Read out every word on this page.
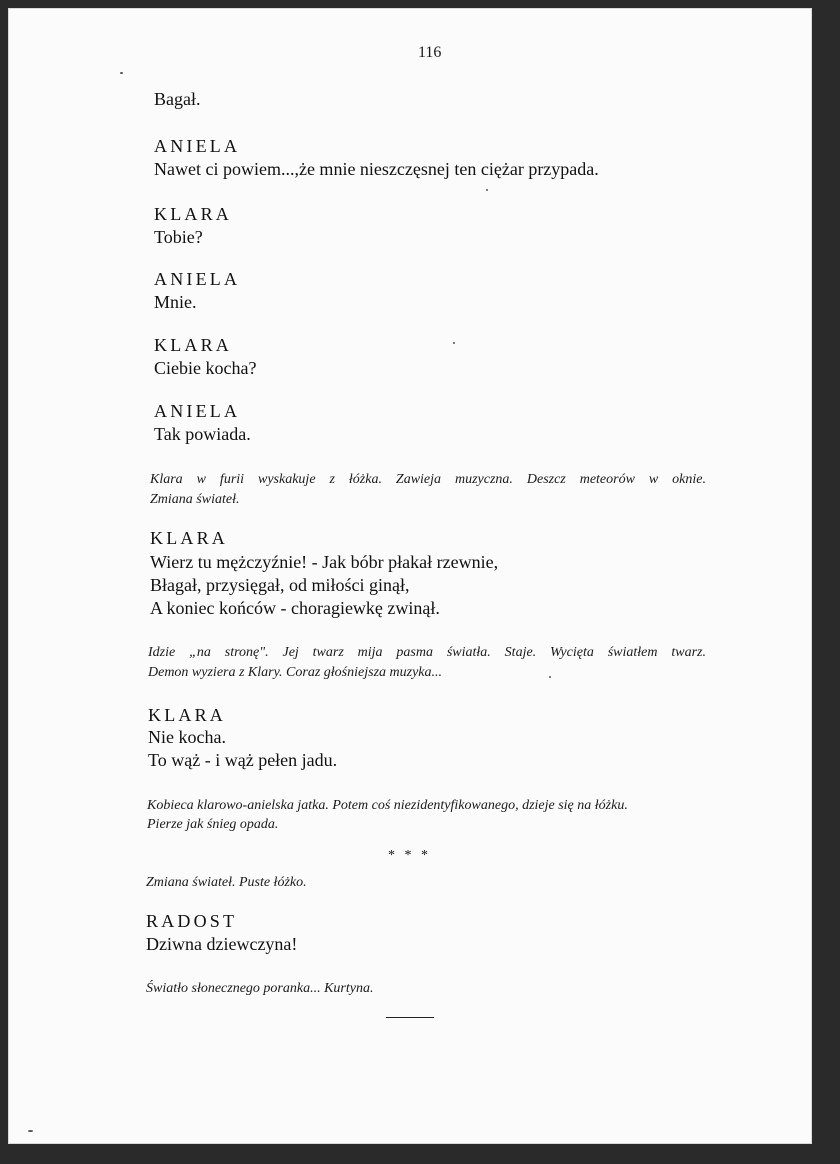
116
Bagał.
ANIELA
Nawet ci powiem...,że mnie nieszczęsnej ten ciężar przypada.
KLARA
Tobie?
ANIELA
Mnie.
KLARA
Ciebie kocha?
ANIELA
Tak powiada.
Klara w furii wyskakuje z łóżka. Zawieja muzyczna. Deszcz meteorów w oknie.
Zmiana świateł.
KLARA
Wierz tu mężczyźnie! - Jak bóbr płakał rzewnie,
Błagał, przysięgał, od miłości ginął,
A koniec końców - choragiewkę zwinął.
Idzie „na stronę". Jej twarz mija pasma światła. Staje. Wycięta światłem twarz.
Demon wyziera z Klary. Coraz głośniejsza muzyka...
KLARA
Nie kocha.
To wąż - i wąż pełen jadu.
Kobieca klarowo-anielska jatka. Potem coś niezidentyfikowanego, dzieje się na łóżku.
Pierze jak śnieg opada.
* * *
Zmiana świateł. Puste łóżko.
RADOST
Dziwna dziewczyna!
Światło słonecznego poranka... Kurtyna.
